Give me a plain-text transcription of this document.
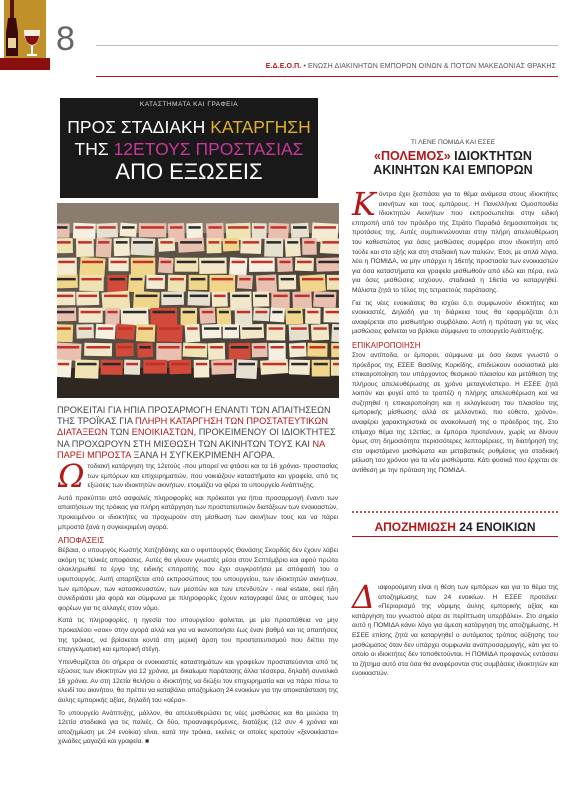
8
Ε.Δ.Ε.Ο.Π. • ΕΝΩΣΗ ΔΙΑΚΙΝΗΤΩΝ ΕΜΠΟΡΩΝ ΟΙΝΩΝ & ΠΟΤΩΝ ΜΑΚΕΔΟΝΙΑΣ ΘΡΑΚΗΣ
ΚΑΤΑΣΤΗΜΑΤΑ ΚΑΙ ΓΡΑΦΕΙΑ
ΠΡΟΣ ΣΤΑΔΙΑΚΗ ΚΑΤΑΡΓΗΣΗ
ΤΗΣ 12ΕΤΟΥΣ ΠΡΟΣΤΑΣΙΑΣ
ΑΠΟ ΕΞΩΣΕΙΣ
ΠΡΟΚΕΙΤΑΙ ΓΙΑ ΗΠΙΑ ΠΡΟΣΑΡΜΟΓΗ ΕΝΑΝΤΙ ΤΩΝ ΑΠΑΙΤΗΣΕΩΝ ΤΗΣ ΤΡΟΪΚΑΣ ΓΙΑ ΠΛΗΡΗ ΚΑΤΑΡΓΗΣΗ ΤΩΝ ΠΡΟΣΤΑΤΕΥΤΙΚΩΝ ΔΙΑΤΑΞΕΩΝ ΤΩΝ ΕΝΟΙΚΙΑΣΤΩΝ, ΠΡΟΚΕΙΜΕΝΟΥ ΟΙ ΙΔΙΟΚΤΗΤΕΣ ΝΑ ΠΡΟΧΩΡΟΥΝ ΣΤΗ ΜΙΣΘΩΣΗ ΤΩΝ ΑΚΙΝΗΤΩΝ ΤΟΥΣ ΚΑΙ ΝΑ ΠΑΡΕΙ ΜΠΡΟΣΤΑ ΞΑΝΑ Η ΣΥΓΚΕΚΡΙΜΕΝΗ ΑΓΟΡΑ.

Ωτοδιακή κατάργηση της 12ετούς -που μπορεί να φτάσει και τα 16 χρόνια- προστασίας των εμπόρων και επιχειρηματιών, που νοικιάζουν καταστήματα και γραφεία, από τις εξώσεις των ιδιοκτητών ακινήτων, ετοιμάζει να φέρει το υπουργείο Ανάπτυξης.

Αυτό προκύπτει από ασφαλείς πληροφορίες και πρόκειται για ήπια προσαρμογή έναντι των απαιτήσεων της τρόικας για πλήρη κατάργηση των προστατευτικών διατάξεων των ενοικιαστών, προκειμένου οι ιδιοκτήτες να προχωρούν στη μίσθωση των ακινήτων τους και να πάρει μπροστά ξανά η συγκεκριμένη αγορά.

ΑΠΟΦΑΣΕΙΣ

Βέβαια, ο υπουργός Κωστής Χατζηδάκης και ο υφυπουργός Θανάσης Σκορδάς δεν έχουν λάβει ακόμη τις τελικές αποφάσεις. Αυτές θα γίνουν γνωστές μέσα στον Σεπτέμβριο και αφού πρώτα ολοκληρωθεί το έργο της ειδικής επιτροπής που έχει συγκροτήσει με απόφασή του ο υφυπουργός. Αυτή απαρτίζεται από εκπροσώπους του υπουργείου, των ιδιοκτητών ακινήτων, των εμπόρων, των κατασκευαστών, των μεσιτών και των επενδυτών - real estate, εκεί ήδη συνεδριάσει μία φορά και σύμφωνα με πληροφορίες έχουν καταγραφεί όλες οι απόψεις των φορέων για τις αλλαγές στον νόμο.

Κατά τις πληροφορίες, η ηγεσία του υπουργείου φαίνεται, με μία προσπάθεια να μην προκαλέσει «σοκ» στην αγορά αλλά και για να ικανοποιήσει έως έναν βαθμό και τις απαιτήσεις της τρόικας, να βρίσκεται κοντά στη μερική άρση του προστατευτισμού που διέπει την επαγγελματική και εμπορική στέγη.

Υπενθυμίζεται ότι σήμερα οι ενοικιαστές καταστημάτων και γραφείων προστατεύονται από τις εξώσεις των ιδιοκτητών για 12 χρόνια, με δικαίωμα παράτασης άλλα τέσσερα, δηλαδή συνολικά 16 χρόνια. Αν στη 12ετία θελήσει ο ιδιοκτήτης να διώξει τον επιχειρηματία και να πάρει πίσω το κλειδί του ακινήτου, θα πρέπει να καταβάλει αποζημίωση 24 ενοικίων για την αποκατάσταση της άυλης εμπορικής αξίας, δηλαδή του «αέρα».

Το υπουργείο Ανάπτυξης, μάλλον, θα απελευθερώσει τις νέες μισθώσεις και θα μειώσει τη 12ετία σταδιακά για τις παλιές. Οι δύο, προαναφερόμενες, διατάξεις (12 συν 4 χρόνια και αποζημίωση με 24 ενοίκια) είναι, κατά την τρόικα, εκείνες οι οποίες κρατούν «ξενοικίαστα» χιλιάδες μαγαζιά και γραφεία. ■

ΤΙ ΛΕΝΕ ΠΟΜΙΔΑ ΚΑΙ ΕΣΕΕ
«ΠΟΛΕΜΟΣ» ΙΔΙΟΚΤΗΤΩΝ ΑΚΙΝΗΤΩΝ ΚΑΙ ΕΜΠΟΡΩΝ

Κόντρα έχει ξεσπάσει για το θέμα ανάμεσα στους ιδιοκτήτες ακινήτων και τους εμπόρους. Η Πανελλήνια Ομοσπονδία Ιδιοκτητών Ακινήτων που εκπροσωπείται στην ειδική επιτροπή από τον πρόεδρο της Στράτο Παραδιά δημοσιοποίησε τις προτάσεις της. Αυτές συμπυκνώνονται στην πλήρη απελευθέρωση του καθεστώτος για όσες μισθώσεις συμφέρει στον ιδιοκτήτη από τούδε και στο εξής και στη σταδιακή των παλιών. Έτσι, με απλά λόγια, λέει η ΠΟΜΙΔΑ, να μην υπάρχει η 16ετής προστασία των ενοικιαστών για όσα καταστήματα και γραφεία μισθωθούν από εδώ και πέρα, ενώ για όσες μισθώσεις ισχύουν, σταδιακά η 16ετία να καταργηθεί. Μάλιστα ζητά το τέλος της τετραετούς παράτασης.

Για τις νέες ενοικιάσεις θα ισχύει ό,τι συμφωνούν ιδιοκτήτες και ενοικιαστές. Δηλαδή για τη διάρκεια τους θα εφαρμόζεται ό,τι αναφέρεται στο μισθωτήριο συμβόλαιο. Αυτή η πρόταση για τις νέες μισθώσεις φαίνεται να βρίσκει σύμφωνο το υπουργείο Ανάπτυξης.

ΕΠΙΚΑΙΡΟΠΟΙΗΣΗ

Στον αντίποδα, οι έμποροι, σύμφωνα με όσο έκανε γνωστό ο πρόεδρος της ΕΣΕΕ Βασίλης Κορκίδης, επιδιώκουν ουσιαστικά μία επικαιροποίηση του υπάρχοντος θεσμικού πλαισίου και μετάθεση της πλήρους απελευθέρωσης σε χρόνο μεταγενέστερο. Η ΕΣΕΕ ζητά λοιπόν και φυγεί από το τραπέζι η πλήρης απελευθέρωση και να συζητηθεί η επικαιροποίηση και η εκλογίκευση του πλαισίου της εμπορικής μίσθωσης αλλά σε μελλοντικό, πιο εύθετο, χρόνο», αναφέρει χαρακτηριστικά σε ανακοίνωσή της ο πρόεδρος της. Στο επίμαχο θέμα της 12ετίας, οι έμποροι προτείνουν, χωρίς να δίνουν όμως στη δημοσιότητα περισσότερες λεπτομέρειες, τη διατήρησή της στο υφιστάμενο μισθώματα και μεταβατικές ρυθμίσεις για σταδιακή μείωση του χρόνου για τα νέα μισθώματα. Κάτι φυσικά που έρχεται σε αντίθεση με την πρόταση της ΠΟΜΙΔΑ.

ΑΠΟΖΗΜΙΩΣΗ 24 ΕΝΟΙΚΙΩΝ

Διαφορούμενη είναι η θέση των εμπόρων και για το θέμα της αποζημίωσης των 24 ενοικίων. Η ΕΣΕΕ προτείνει: «Περιορισμό της νόμιμης άυλης εμπορικής αξίας και κατάργηση του γνωστού αέρα σε περίπτωση υπερβάλει». Στο σημείο αυτό η ΠΟΜΙΔΑ κάνει λόγο για άμεση κατάργηση της αποζημίωσης. Η ΕΣΕΕ επίσης ζητά να καταργηθεί ο αυτόματος τρόπος αύξησης του μισθώματος όταν δεν υπάρχει συμφωνία αναπροσαρμογής, κάτι για το οποίο οι ιδιοκτήτες δεν τοποθετούνται. Η ΠΟΜΙΔΑ προφανώς εντάσσει το ζήτημα αυτό στα όσα θα αναφέρονται στις συμβάσεις ιδιοκτητών και ενοικιαστών.
